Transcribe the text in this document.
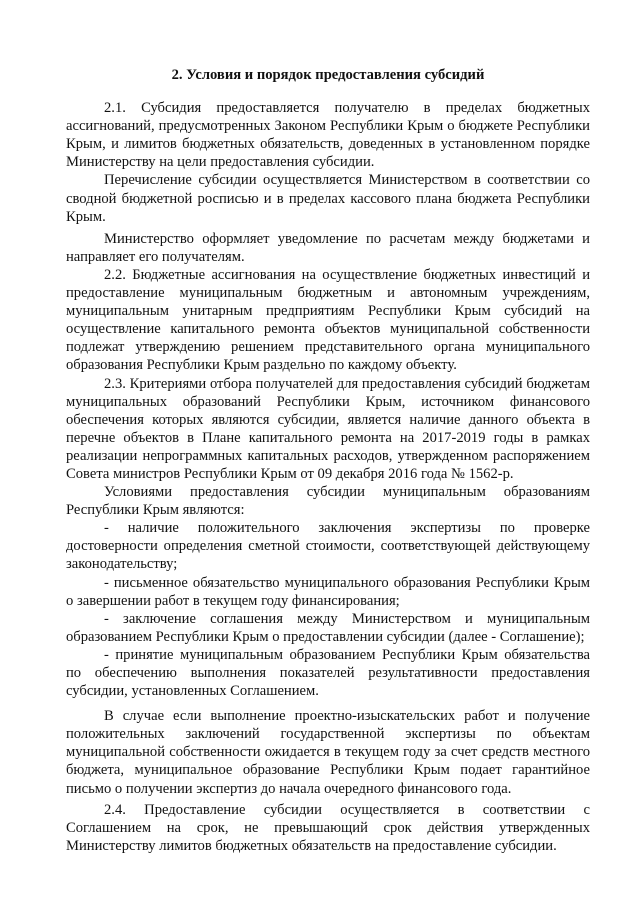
2. Условия и порядок предоставления субсидий

2.1. Субсидия предоставляется получателю в пределах бюджетных ассигнований, предусмотренных Законом Республики Крым о бюджете Республики Крым, и лимитов бюджетных обязательств, доведенных в установленном порядке Министерству на цели предоставления субсидии.

Перечисление субсидии осуществляется Министерством в соответствии со сводной бюджетной росписью и в пределах кассового плана бюджета Республики Крым.

Министерство оформляет уведомление по расчетам между бюджетами и направляет его получателям.

2.2. Бюджетные ассигнования на осуществление бюджетных инвестиций и предоставление муниципальным бюджетным и автономным учреждениям, муниципальным унитарным предприятиям Республики Крым субсидий на осуществление капитального ремонта объектов муниципальной собственности подлежат утверждению решением представительного органа муниципального образования Республики Крым раздельно по каждому объекту.

2.3. Критериями отбора получателей для предоставления субсидий бюджетам муниципальных образований Республики Крым, источником финансового обеспечения которых являются субсидии, является наличие данного объекта в перечне объектов в Плане капитального ремонта на 2017-2019 годы в рамках реализации непрограммных капитальных расходов, утвержденном распоряжением Совета министров Республики Крым от 09 декабря 2016 года № 1562-р.

Условиями предоставления субсидии муниципальным образованиям Республики Крым являются:

- наличие положительного заключения экспертизы по проверке достоверности определения сметной стоимости, соответствующей действующему законодательству;

- письменное обязательство муниципального образования Республики Крым о завершении работ в текущем году финансирования;

- заключение соглашения между Министерством и муниципальным образованием Республики Крым о предоставлении субсидии (далее - Соглашение);

- принятие муниципальным образованием Республики Крым обязательства по обеспечению выполнения показателей результативности предоставления субсидии, установленных Соглашением.

В случае если выполнение проектно-изыскательских работ и получение положительных заключений государственной экспертизы по объектам муниципальной собственности ожидается в текущем году за счет средств местного бюджета, муниципальное образование Республики Крым подает гарантийное письмо о получении экспертиз до начала очередного финансового года.

2.4. Предоставление субсидии осуществляется в соответствии с Соглашением на срок, не превышающий срок действия утвержденных Министерству лимитов бюджетных обязательств на предоставление субсидии.
